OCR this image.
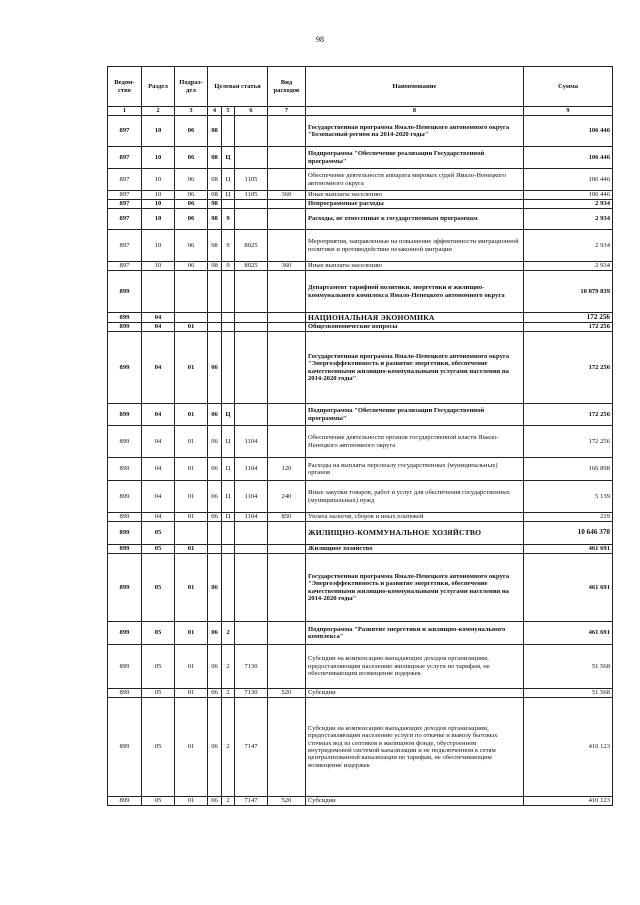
98
Ведом-ство	Раздел	Подраз-дел	Целевая статья			Вид расходов	Наименование	Сумма
1	2	3	4	5	6	7	8	9
897	10	06	08				Государственная программа Ямало-Ненецкого автономного округа "Безопасный регион на 2014-2020 годы"	106 446
897	10	06	08	Ц			Подпрограмма "Обеспечение реализации Государственной программы"	106 446
897	10	06	08	Ц	1105		Обеспечение деятельности аппарата мировых судей Ямало-Ненецкого автономного округа	106 446
897	10	06	08	Ц	1105	360	Иные выплаты населению	106 446
897	10	06	98				Непрограммные расходы	2 934
897	10	06	98	9			Расходы, не отнесенные к государственным программам	2 934
897	10	06	98	9	8025		Мероприятия, направленные на повышение эффективности миграционной политики и противодействие незаконной миграции	2 934
897	10	06	98	9	8025	360	Иные выплаты населению	2 934
899							Департамент тарифной политики, энергетики и жилищно-коммунального комплекса Ямало-Ненецкого автономного округа	10 879 839
899	04						НАЦИОНАЛЬНАЯ ЭКОНОМИКА	172 256
899	04	01					Общеэкономические вопросы	172 256
899	04	01	06				Государственная программа Ямало-Ненецкого автономного округа "Энергоэффективность и развитие энергетики, обеспечение качественными жилищно-коммунальными услугами населения на 2014-2020 годы"	172 256
899	04	01	06	Ц			Подпрограмма "Обеспечение реализации Государственной программы"	172 256
899	04	01	06	Ц	1104		Обеспечение деятельности органов государственной власти Ямало-Ненецкого автономного округа	172 256
899	04	01	06	Ц	1104	120	Расходы на выплаты персоналу государственных (муниципальных) органов	166 898
899	04	01	06	Ц	1104	240	Иные закупки товаров, работ и услуг для обеспечения государственных (муниципальных) нужд	5 139
899	04	01	06	Ц	1104	850	Уплата налогов, сборов и иных платежей	219
899	05						ЖИЛИЩНО-КОММУНАЛЬНОЕ ХОЗЯЙСТВО	10 646 370
899	05	01					Жилищное хозяйство	461 691
899	05	01	06				Государственная программа Ямало-Ненецкого автономного округа "Энергоэффективность и развитие энергетики, обеспечение качественными жилищно-коммунальными услугами населения на 2014-2020 годы"	461 691
899	05	01	06	2			Подпрограмма "Развитие энергетики и жилищно-коммунального комплекса"	461 691
899	05	01	06	2	7130		Субсидии на компенсацию выпадающих доходов организациям, предоставляющим населению жилищные услуги по тарифам, не обеспечивающим возмещение издержек	51 568
899	05	01	06	2	7130	520	Субсидии	51 568
899	05	01	06	2	7147		Субсидии на компенсацию выпадающих доходов организациям, предоставляющим населению услуги по откачке и вывозу бытовых сточных вод из септиков в жилищном фонде, обустроенном внутридомовой системой канализации и не подключенном к сетям централизованной канализации по тарифам, не обеспечивающим возмещение издержек	410 123
899	05	01	06	2	7147	520	Субсидии	410 123
